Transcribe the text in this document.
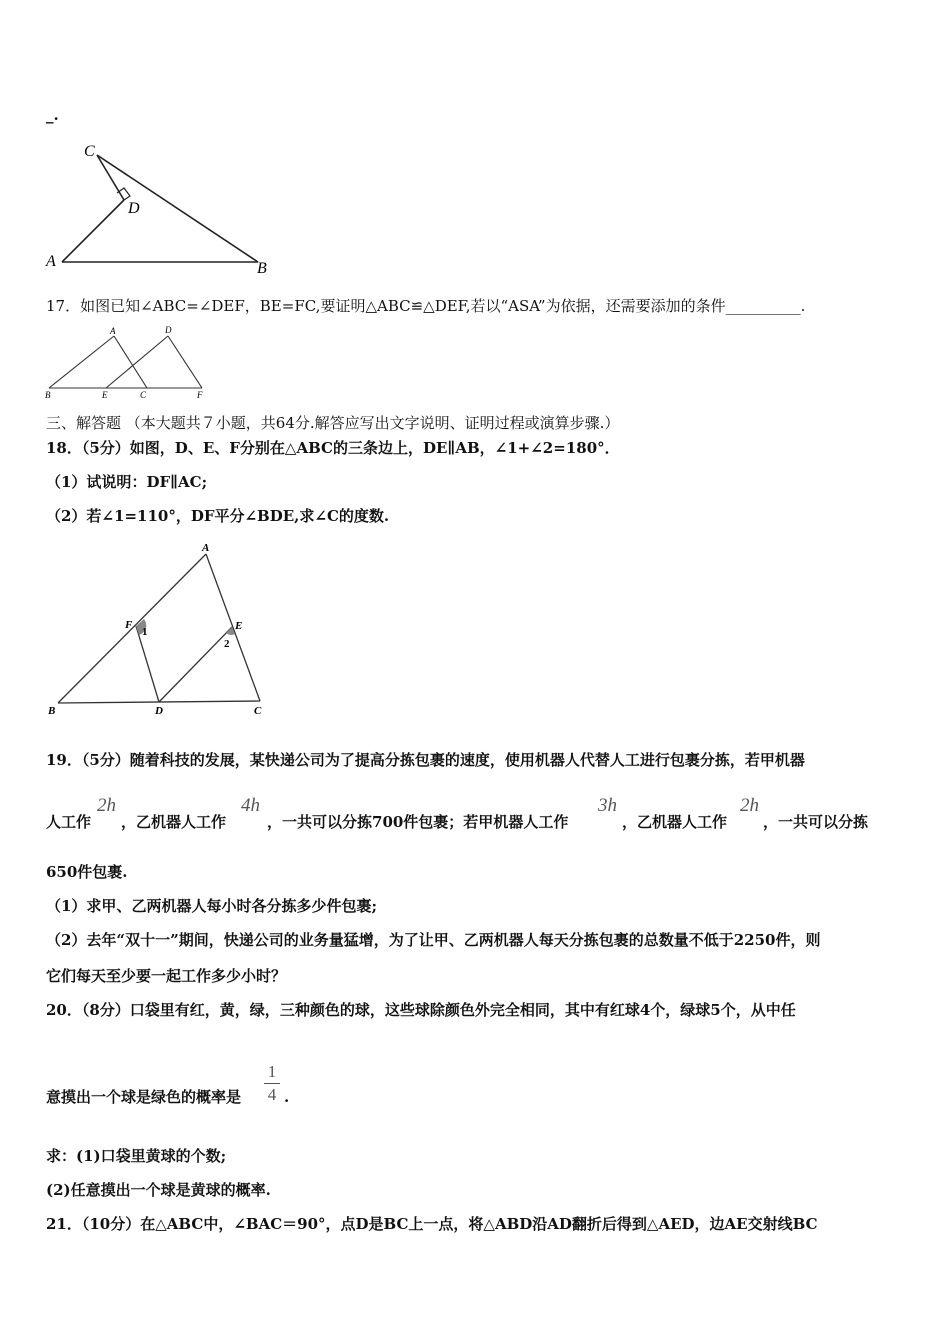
_.
C
D
A	B
17．如图已知∠ABC=∠DEF，BE=FC,要证明△ABC≌△DEF,若以“ASA”为依据，还需要添加的条件__________.
A	D
B	E	C	F
三、解答题 （本大题共７小题，共64分.解答应写出文字说明、证明过程或演算步骤.）
18．（5分）如图，D、E、F分别在△ABC的三条边上，DE∥AB，∠1+∠2=180°．
（1）试说明：DF∥AC;
（2）若∠1=110°，DF平分∠BDE,求∠C的度数.
A
F
1	E
2
B	D	C
19．（5分）随着科技的发展，某快递公司为了提高分拣包裹的速度，使用机器人代替人工进行包裹分拣，若甲机器
人工作
2h
，乙机器人工作
4h
，一共可以分拣700件包裹；若甲机器人工作
3h
，乙机器人工作
2h
，一共可以分拣
650件包裹.
（1）求甲、乙两机器人每小时各分拣多少件包裹;
（2）去年“双十一”期间，快递公司的业务量猛增，为了让甲、乙两机器人每天分拣包裹的总数量不低于2250件，则
它们每天至少要一起工作多少小时？
20．（8分）口袋里有红，黄，绿，三种颜色的球，这些球除颜色外完全相同，其中有红球4个，绿球5个，从中任
意摸出一个球是绿色的概率是
1
4 .
求：(1)口袋里黄球的个数;
(2)任意摸出一个球是黄球的概率.
21．（10分）在△ABC中，∠BAC＝90°，点D是BC上一点，将△ABD沿AD翻折后得到△AED，边AE交射线BC
